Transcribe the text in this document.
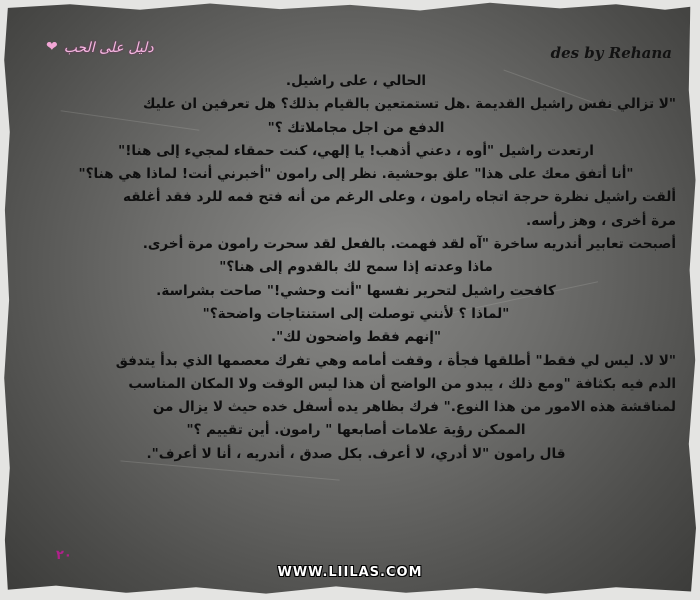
دليل على الحب
❤	des by Rehana
الحالي ، على راشيل.
"لا تزالي نفس راشيل القديمة .هل تستمتعين بالقيام بذلك؟ هل تعرفين ان عليك
الدفع من اجل مجاملاتك ؟"
ارتعدت راشيل "أوه ، دعني أذهب! يا إلهي، كنت حمقاء لمجيء إلى هنا!"
"أنا أتفق معك على هذا" علق بوحشية. نظر إلى رامون "أخبرني أنت! لماذا هي هنا؟"
ألقت راشيل نظرة حرجة اتجاه رامون ، وعلى الرغم من أنه فتح فمه للرد فقد أغلقه
مرة أخرى ، وهز رأسه.
أصبحت تعابير أندريه ساخرة "آه لقد فهمت. بالفعل لقد سحرت رامون مرة أخرى.
ماذا وعدته إذا سمح لك بالقدوم إلى هنا؟"
كافحت راشيل لتحرير نفسها "أنت وحشي!" صاحت بشراسة.
"لماذا ؟ لأنني توصلت إلى استنتاجات واضحة؟"
"إنهم فقط واضحون لك".
"لا لا. ليس لي فقط" أطلقها فجأة ، وقفت أمامه وهي تفرك معصمها الذي بدأ يتدفق
الدم فيه بكثافة "ومع ذلك ، يبدو من الواضح أن هذا ليس الوقت ولا المكان المناسب
لمناقشة هذه الامور من هذا النوع." فرك بظاهر يده أسفل خده حيث لا يزال من
الممكن رؤية علامات أصابعها " رامون. أين تقييم ؟"
قال رامون "لا أدري، لا أعرف. بكل صدق ، أندريه ، أنا لا أعرف".
٢٠
WWW.LIILAS.COM
